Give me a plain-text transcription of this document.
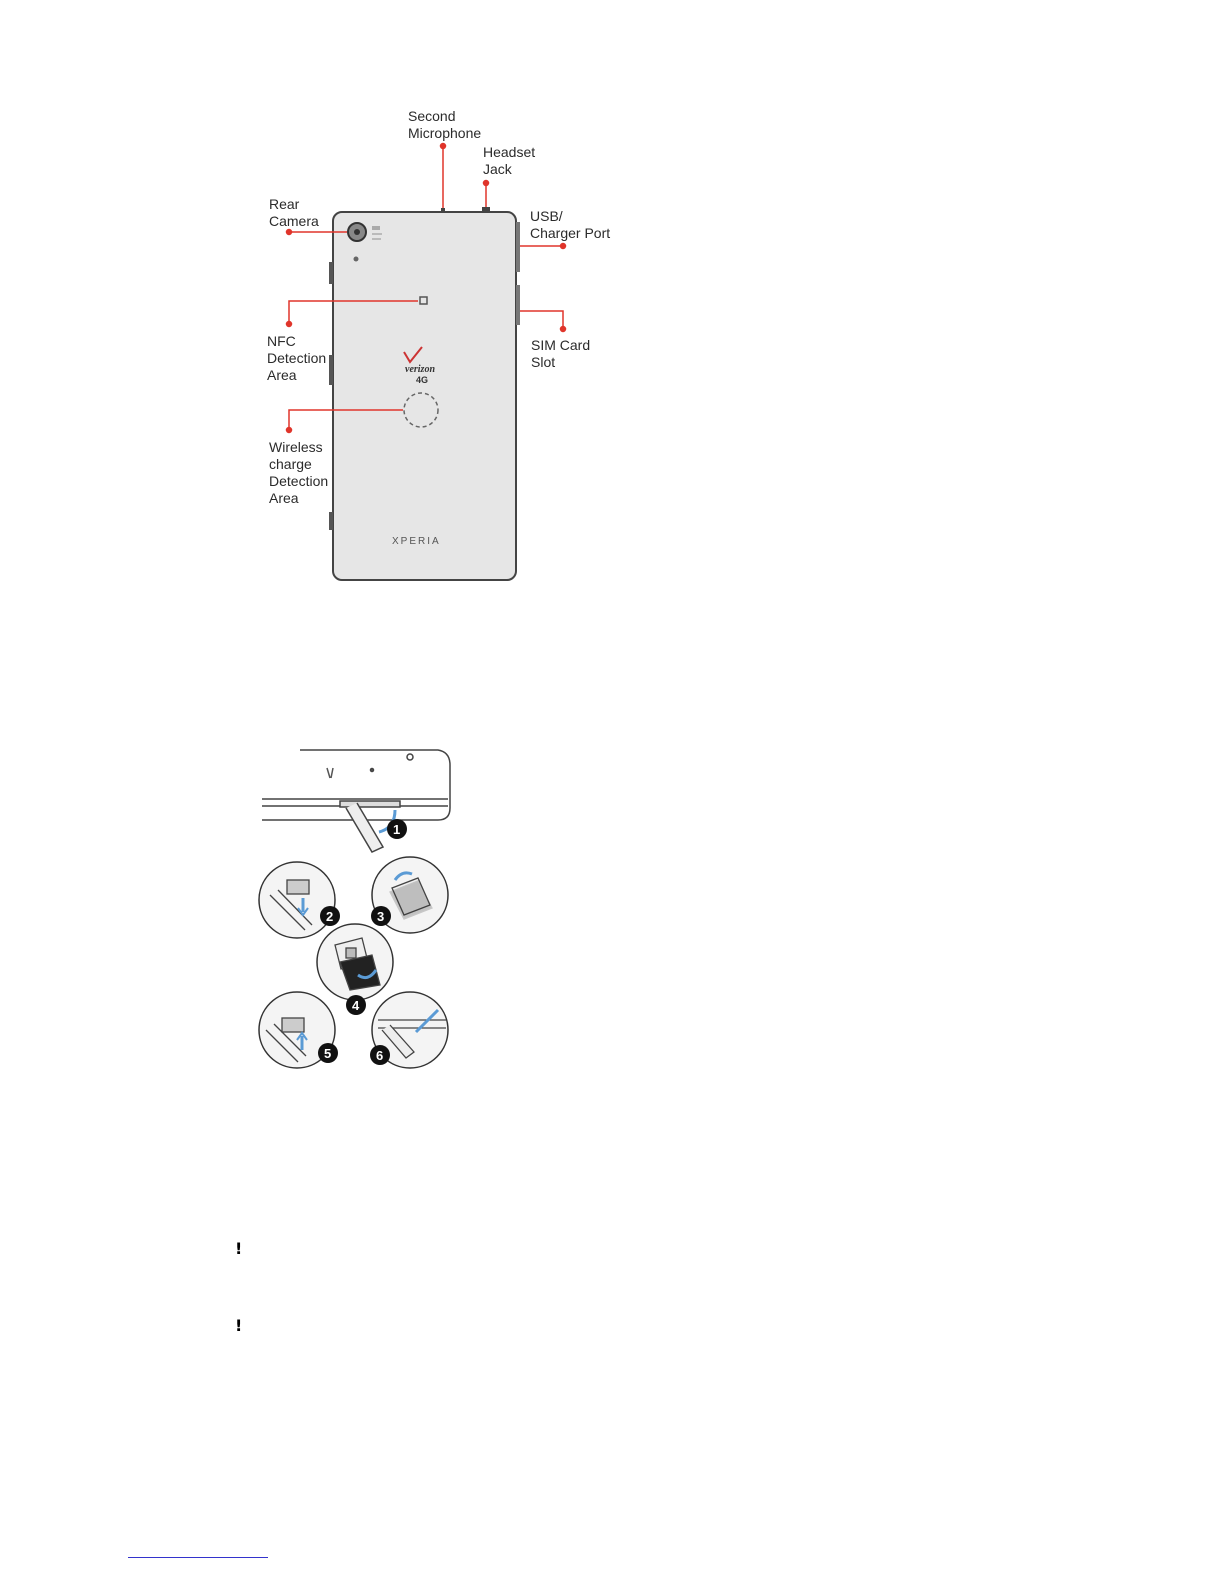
verizon
4G
XPERIA
Second
Microphone
Headset
Jack
Rear
Camera	USB/
Charger Port
NFC
Detection
Area
SIM Card
Slot
Wireless
charge
Detection
Area
1
2	3
4
5	6
!
!
